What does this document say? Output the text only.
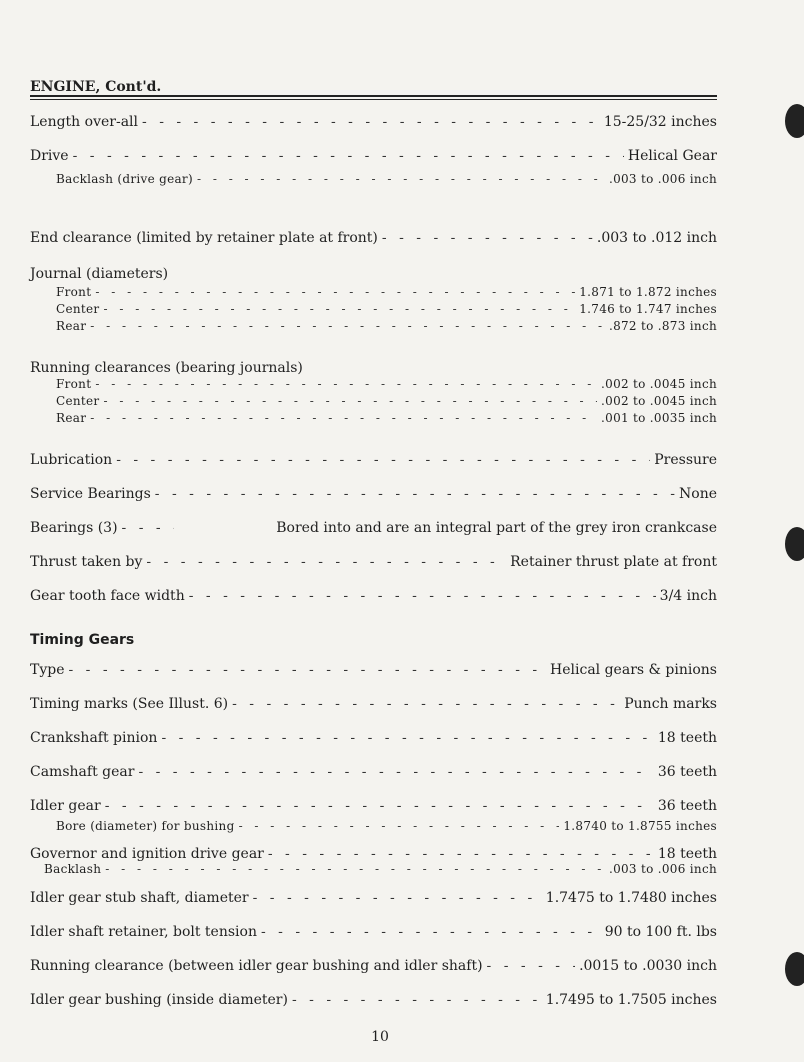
ENGINE, Cont'd.
Length over-all - - -	15-25/32 inches
Drive - - -	Helical Gear
Backlash (drive gear) - - -	.003 to .006 inch
End clearance (limited by retainer plate at front) - - -	.003 to .012 inch
Journal (diameters)
Front - - -	1.871 to 1.872 inches
Center - - -	1.746 to 1.747 inches
Rear - - -	.872 to .873 inch
Running clearances (bearing journals)
Front - - -	.002 to .0045 inch
Center - - -	.002 to .0045 inch
Rear - - -	.001 to .0035 inch
Lubrication - - -	Pressure
Service Bearings - - -	None
Bearings (3) - - -	Bored into and are an integral part of the grey iron crankcase
Thrust taken by - - -	Retainer thrust plate at front
Gear tooth face width - - -	3/4 inch
Timing Gears
Type - - -	Helical gears & pinions
Timing marks (See Illust. 6) - - -	Punch marks
Crankshaft pinion - - -	18 teeth
Camshaft gear - - -	36 teeth
Idler gear - - -	36 teeth
Bore (diameter) for bushing - - -	1.8740 to 1.8755 inches
Governor and ignition drive gear - - -	18 teeth
Backlash - - -	.003 to .006 inch
Idler gear stub shaft, diameter - - -	1.7475 to 1.7480 inches
Idler shaft retainer, bolt tension - - -	90 to 100 ft. lbs
Running clearance (between idler gear bushing and idler shaft) - - -	.0015 to .0030 inch
Idler gear bushing (inside diameter) - - -	1.7495 to 1.7505 inches
10
